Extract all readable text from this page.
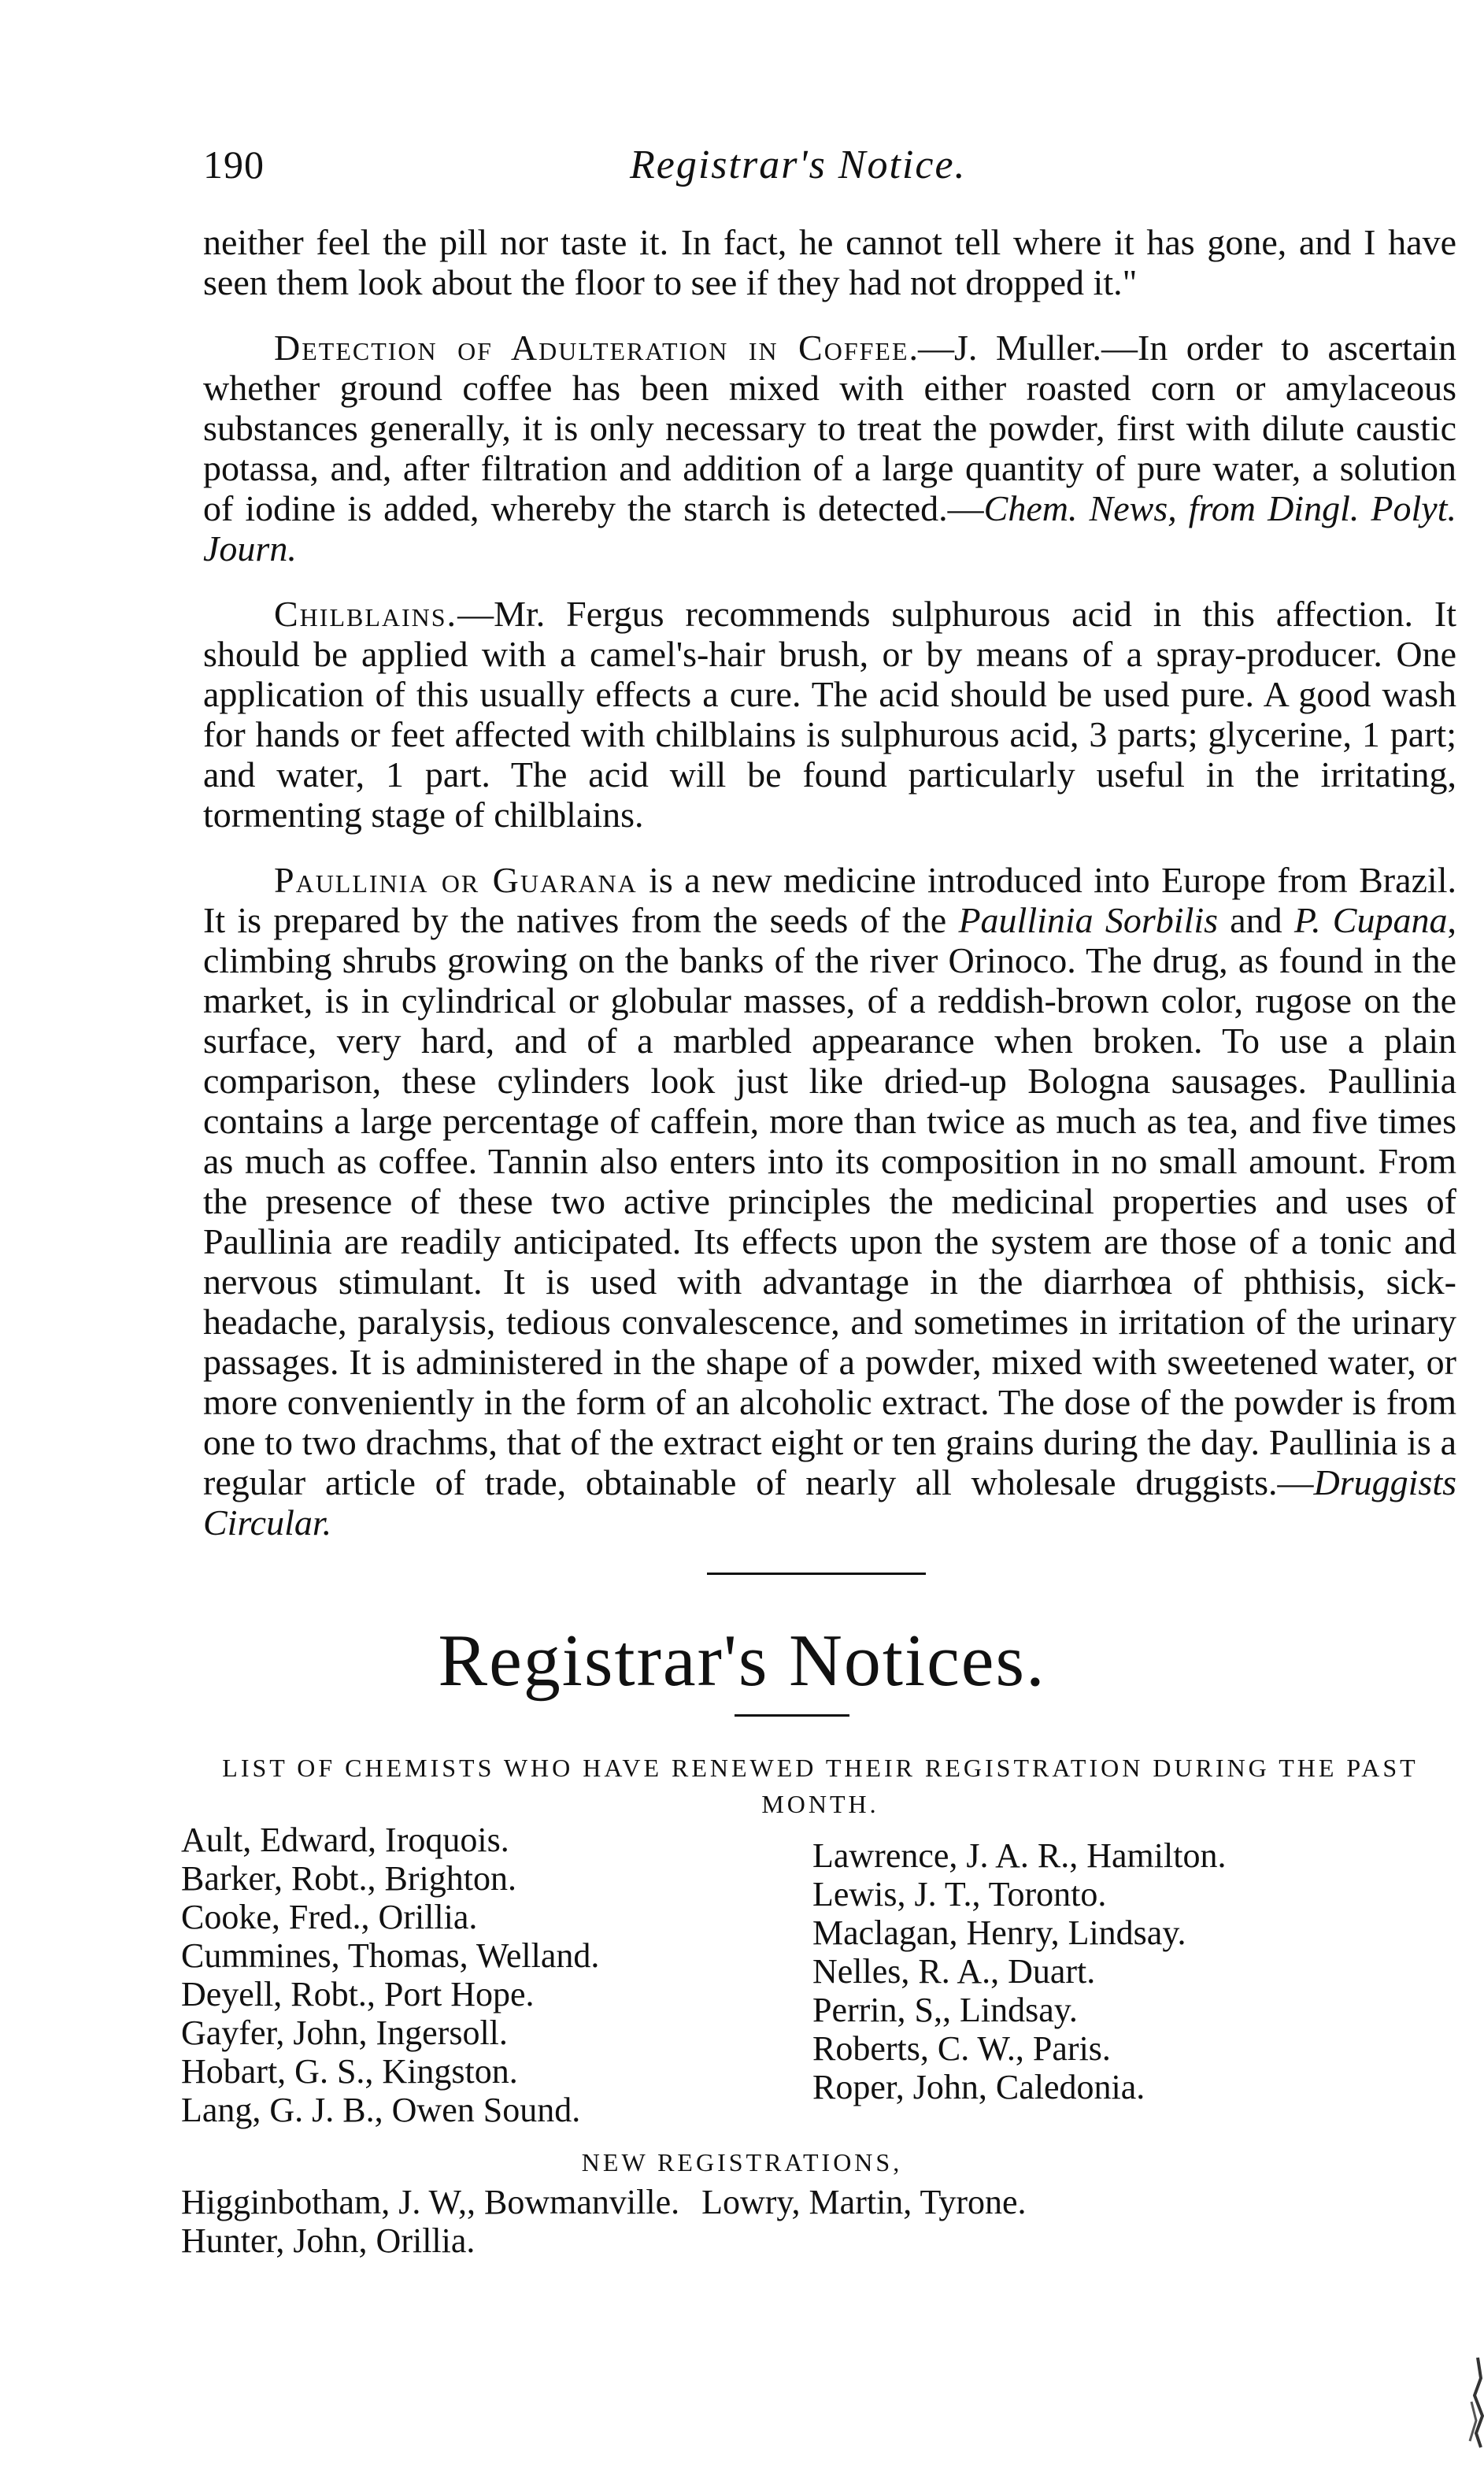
190	Registrar's Notice.

neither feel the pill nor taste it. In fact, he cannot tell where it has gone, and I have seen them look about the floor to see if they had not dropped it."

Detection of Adulteration in Coffee.—J. Muller.—In order to ascertain whether ground coffee has been mixed with either roasted corn or amylaceous substances generally, it is only necessary to treat the powder, first with dilute caustic potassa, and, after filtration and addition of a large quantity of pure water, a solution of iodine is added, whereby the starch is detected.—Chem. News, from Dingl. Polyt. Journ.

Chilblains.—Mr. Fergus recommends sulphurous acid in this affection. It should be applied with a camel's-hair brush, or by means of a spray-producer. One application of this usually effects a cure. The acid should be used pure. A good wash for hands or feet affected with chilblains is sulphurous acid, 3 parts; glycerine, 1 part; and water, 1 part. The acid will be found particularly useful in the irritating, tormenting stage of chilblains.

Paullinia or Guarana is a new medicine introduced into Europe from Brazil. It is prepared by the natives from the seeds of the Paullinia Sorbilis and P. Cupana, climbing shrubs growing on the banks of the river Orinoco. The drug, as found in the market, is in cylindrical or globular masses, of a reddish-brown color, rugose on the surface, very hard, and of a marbled appearance when broken. To use a plain comparison, these cylinders look just like dried-up Bologna sausages. Paullinia contains a large percentage of caffein, more than twice as much as tea, and five times as much as coffee. Tannin also enters into its composition in no small amount. From the presence of these two active principles the medicinal properties and uses of Paullinia are readily anticipated. Its effects upon the system are those of a tonic and nervous stimulant. It is used with advantage in the diarrhœa of phthisis, sick-headache, paralysis, tedious convalescence, and sometimes in irritation of the urinary passages. It is administered in the shape of a powder, mixed with sweetened water, or more conveniently in the form of an alcoholic extract. The dose of the powder is from one to two drachms, that of the extract eight or ten grains during the day. Paullinia is a regular article of trade, obtainable of nearly all wholesale druggists.—Druggists Circular.

Registrar's Notices.
LIST OF CHEMISTS WHO HAVE RENEWED THEIR REGISTRATION DURING THE PAST MONTH.
Ault, Edward, Iroquois.
Barker, Robt., Brighton.
Cooke, Fred., Orillia.
Cummines, Thomas, Welland.
Deyell, Robt., Port Hope.
Gayfer, John, Ingersoll.
Hobart, G. S., Kingston.
Lang, G. J. B., Owen Sound.
Lawrence, J. A. R., Hamilton.
Lewis, J. T., Toronto.
Maclagan, Henry, Lindsay.
Nelles, R. A., Duart.
Perrin, S,, Lindsay.
Roberts, C. W., Paris.
Roper, John, Caledonia.
NEW REGISTRATIONS,
Higginbotham, J. W,, Bowmanville. Lowry, Martin, Tyrone.
Hunter, John, Orillia.
